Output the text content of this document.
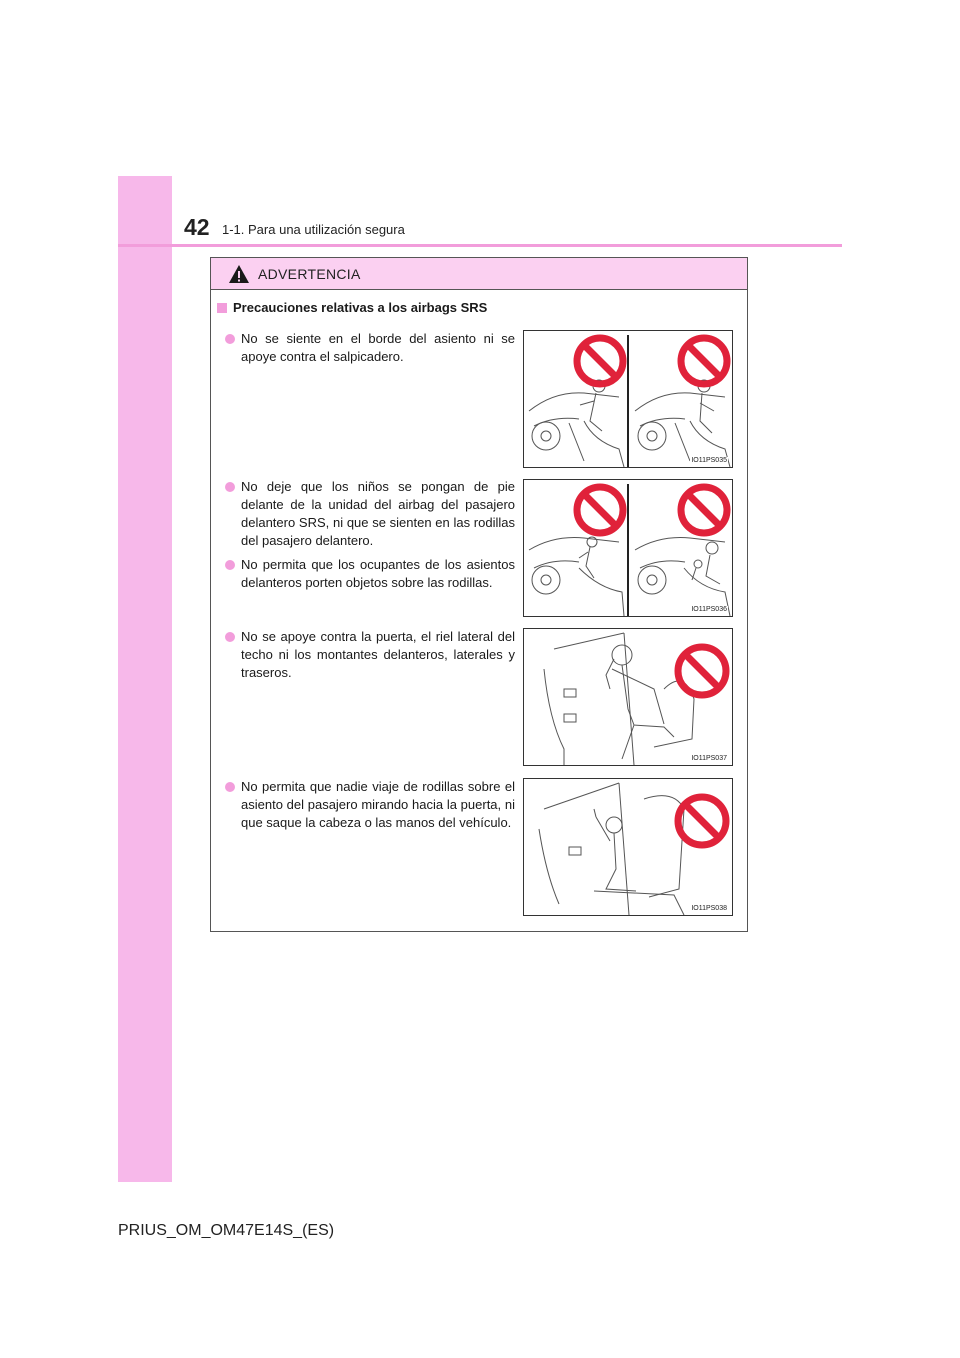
42 1-1. Para una utilización segura
ADVERTENCIA
Precauciones relativas a los airbags SRS
No se siente en el borde del asiento ni se apoye contra el salpicadero.
No deje que los niños se pongan de pie delante de la unidad del airbag del pasajero delantero SRS, ni que se sienten en las rodillas del pasajero delantero.
No permita que los ocupantes de los asientos delanteros porten objetos sobre las rodillas.
No se apoye contra la puerta, el riel lateral del techo ni los montantes delanteros, laterales y traseros.
No permita que nadie viaje de rodillas sobre el asiento del pasajero mirando hacia la puerta, ni que saque la cabeza o las manos del vehículo.
IO11PS035
IO11PS036
IO11PS037
IO11PS038
PRIUS_OM_OM47E14S_(ES)
